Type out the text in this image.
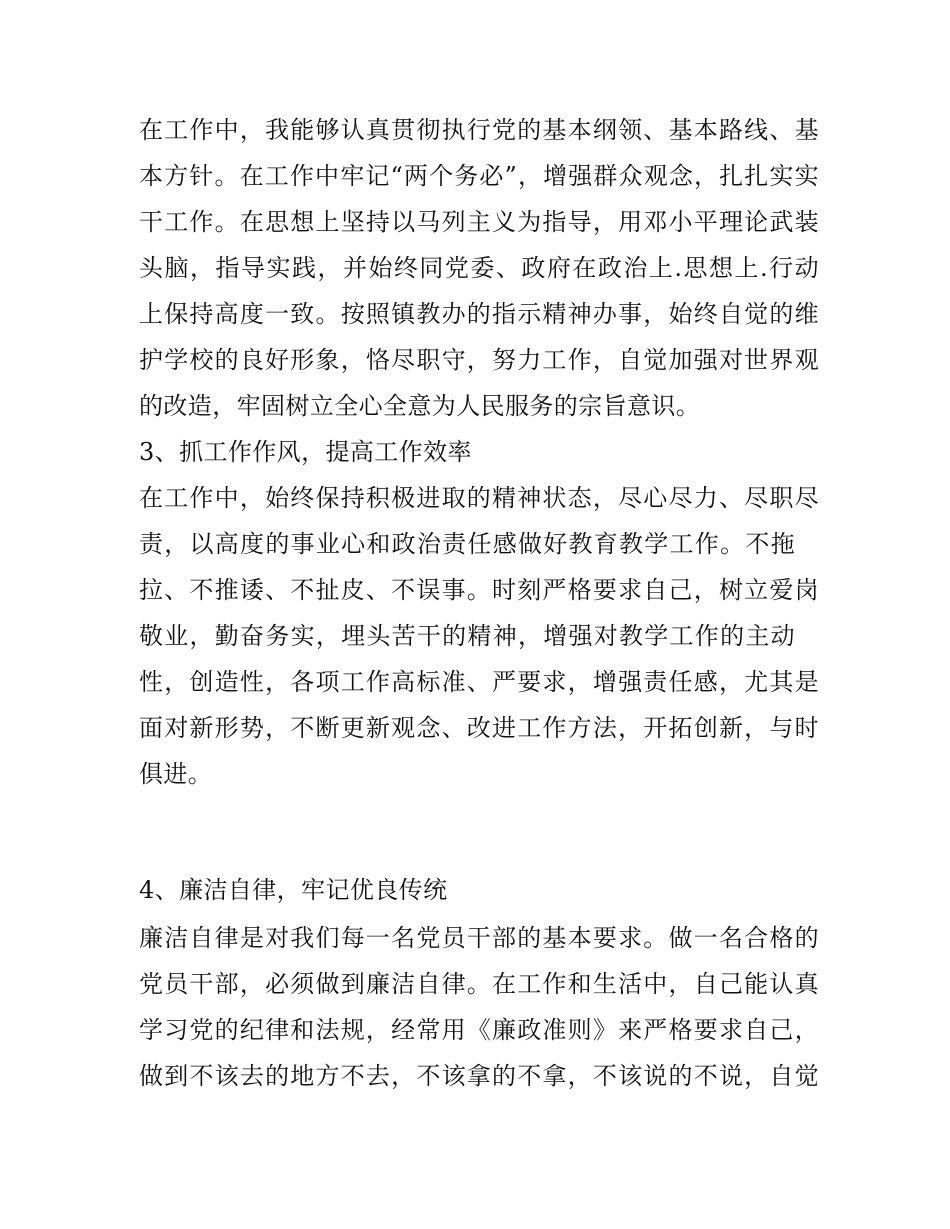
在工作中，我能够认真贯彻执行党的基本纲领、基本路线、基
本方针。在工作中牢记“两个务必”，增强群众观念，扎扎实实
干工作。在思想上坚持以马列主义为指导，用邓小平理论武装
头脑，指导实践，并始终同党委、政府在政治上.思想上.行动
上保持高度一致。按照镇教办的指示精神办事，始终自觉的维
护学校的良好形象，恪尽职守，努力工作，自觉加强对世界观
的改造，牢固树立全心全意为人民服务的宗旨意识。
3、抓工作作风，提高工作效率
在工作中，始终保持积极进取的精神状态，尽心尽力、尽职尽
责，以高度的事业心和政治责任感做好教育教学工作。不拖
拉、不推诿、不扯皮、不误事。时刻严格要求自己，树立爱岗
敬业，勤奋务实，埋头苦干的精神，增强对教学工作的主动
性，创造性，各项工作高标准、严要求，增强责任感，尤其是
面对新形势，不断更新观念、改进工作方法，开拓创新，与时
俱进。
4、廉洁自律，牢记优良传统
廉洁自律是对我们每一名党员干部的基本要求。做一名合格的
党员干部，必须做到廉洁自律。在工作和生活中，自己能认真
学习党的纪律和法规，经常用《廉政准则》来严格要求自己，
做到不该去的地方不去，不该拿的不拿，不该说的不说，自觉
